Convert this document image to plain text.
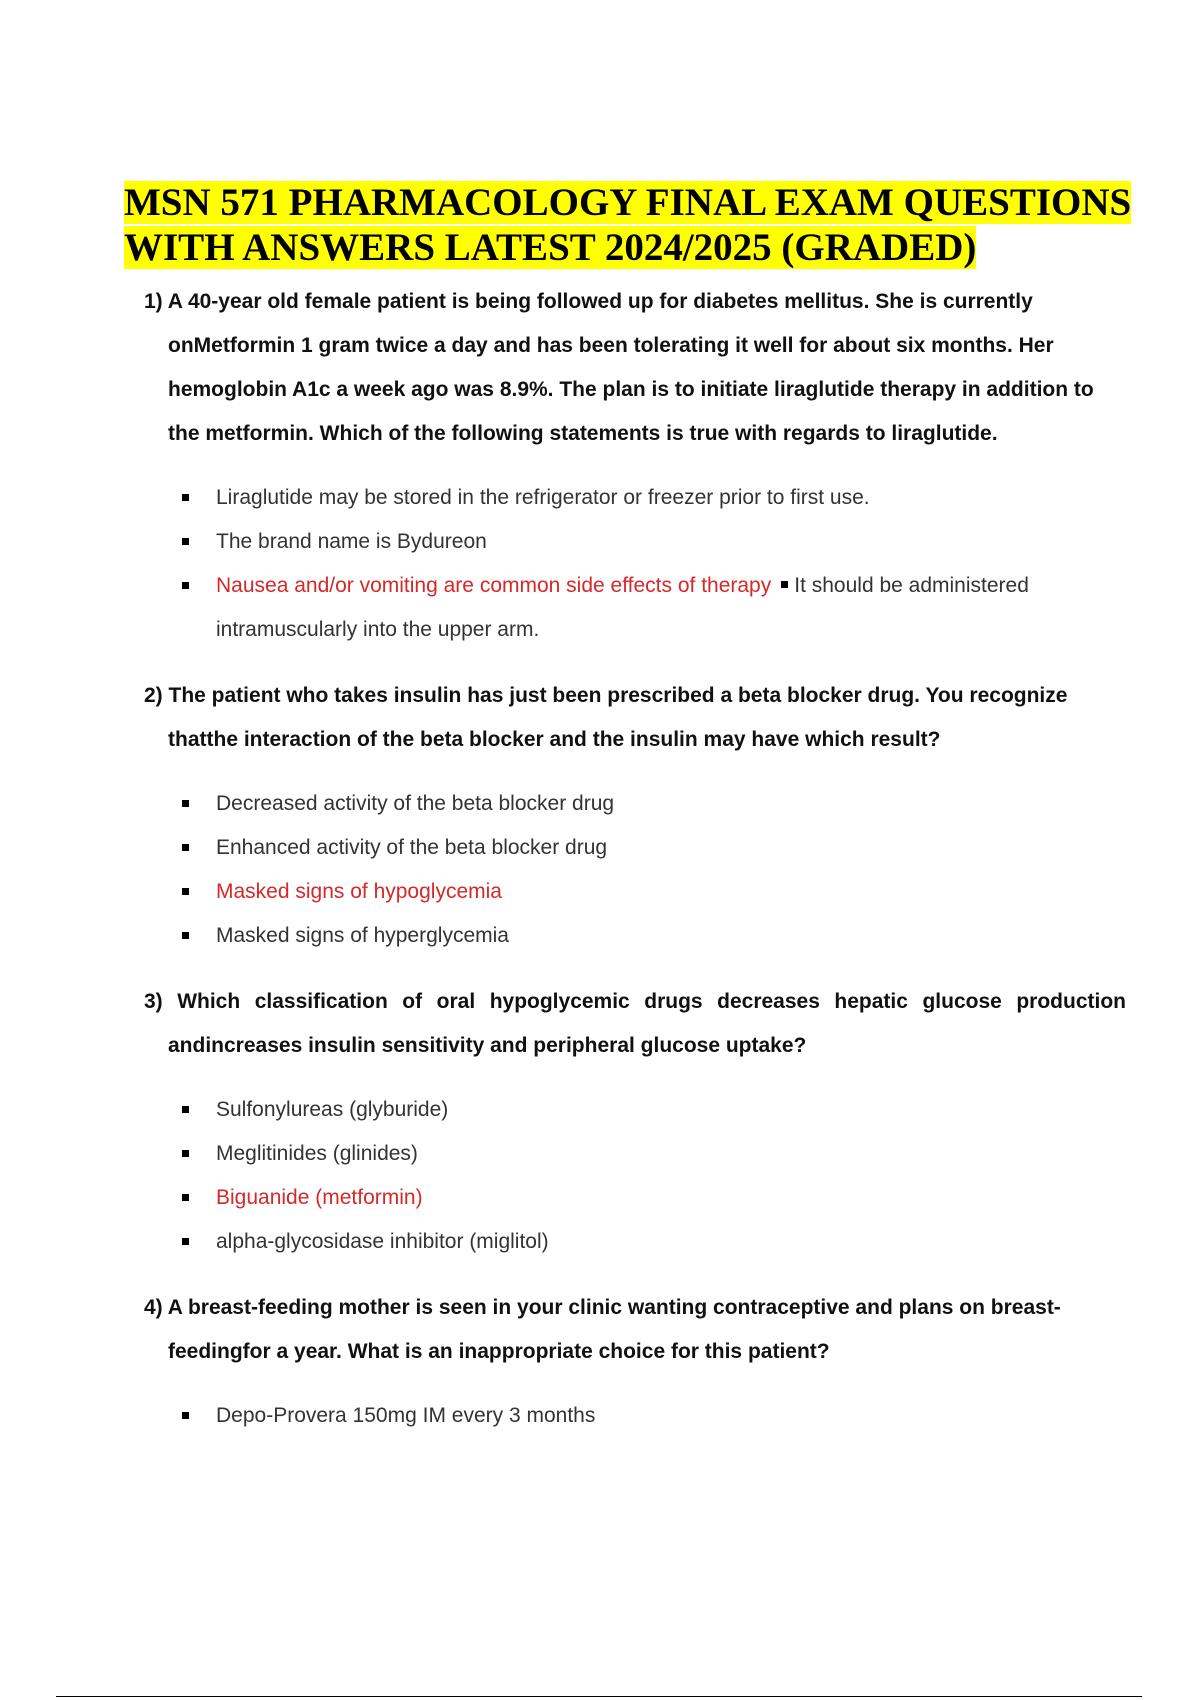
MSN 571 PHARMACOLOGY FINAL EXAM QUESTIONS
WITH ANSWERS LATEST 2024/2025 (GRADED)
1) A 40-year old female patient is being followed up for diabetes mellitus. She is currently onMetformin 1 gram twice a day and has been tolerating it well for about six months. Her hemoglobin A1c a week ago was 8.9%. The plan is to initiate liraglutide therapy in addition to the metformin. Which of the following statements is true with regards to liraglutide.
Liraglutide may be stored in the refrigerator or freezer prior to first use.
The brand name is Bydureon
Nausea and/or vomiting are common side effects of therapy It should be administered intramuscularly into the upper arm.
2) The patient who takes insulin has just been prescribed a beta blocker drug. You recognize thatthe interaction of the beta blocker and the insulin may have which result?
Decreased activity of the beta blocker drug
Enhanced activity of the beta blocker drug
Masked signs of hypoglycemia
Masked signs of hyperglycemia
3) Which classification of oral hypoglycemic drugs decreases hepatic glucose production andincreases insulin sensitivity and peripheral glucose uptake?
Sulfonylureas (glyburide)
Meglitinides (glinides)
Biguanide (metformin)
alpha-glycosidase inhibitor (miglitol)
4) A breast-feeding mother is seen in your clinic wanting contraceptive and plans on breast-feedingfor a year. What is an inappropriate choice for this patient?
Depo-Provera 150mg IM every 3 months
